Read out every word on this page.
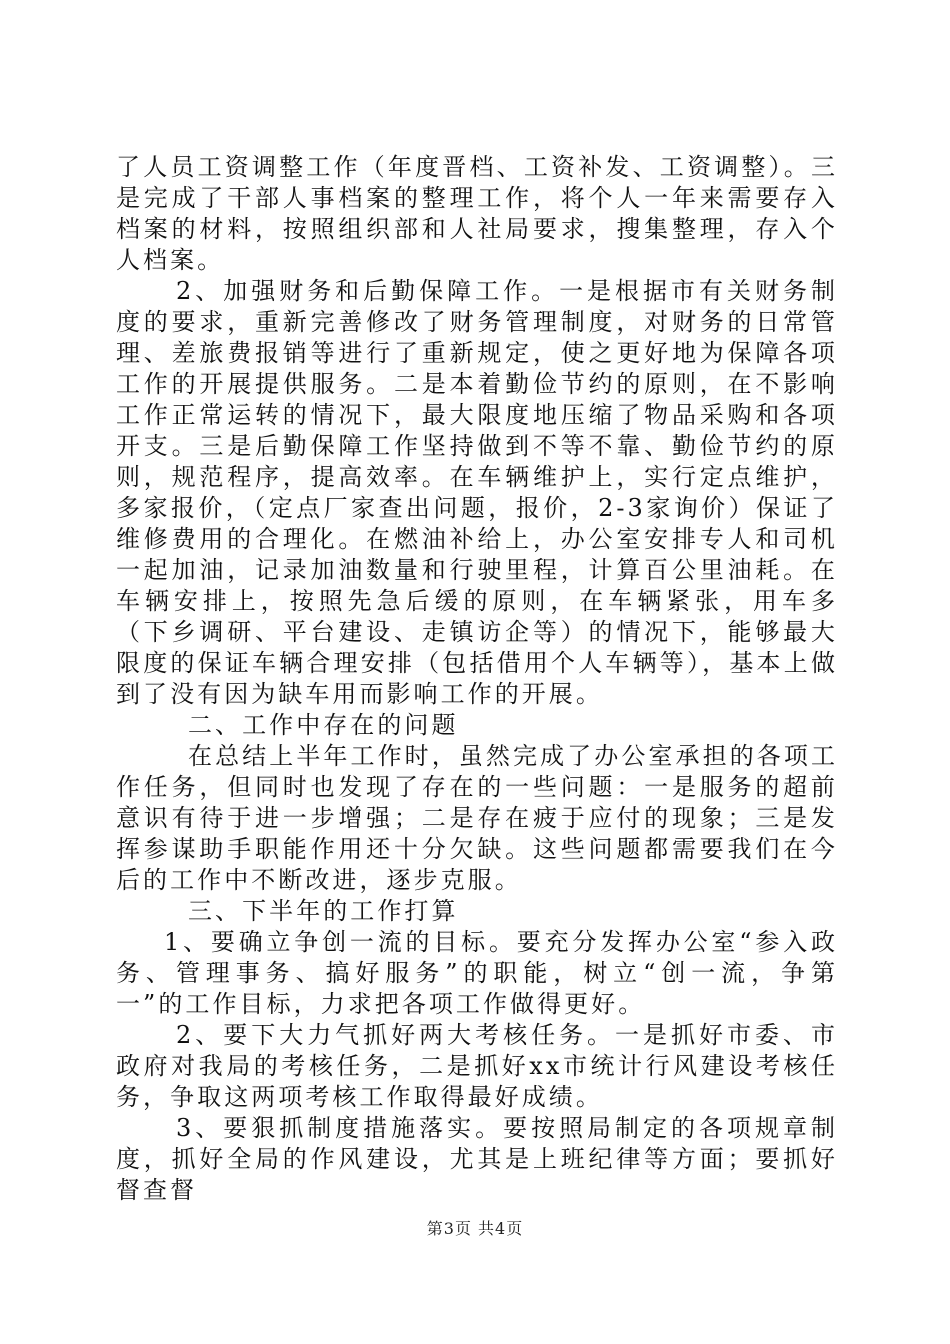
了人员工资调整工作（年度晋档、工资补发、工资调整）。三是完成了干部人事档案的整理工作，将个人一年来需要存入档案的材料，按照组织部和人社局要求，搜集整理，存入个人档案。

2、加强财务和后勤保障工作。一是根据市有关财务制度的要求，重新完善修改了财务管理制度，对财务的日常管理、差旅费报销等进行了重新规定，使之更好地为保障各项工作的开展提供服务。二是本着勤俭节约的原则，在不影响工作正常运转的情况下，最大限度地压缩了物品采购和各项开支。三是后勤保障工作坚持做到不等不靠、勤俭节约的原则，规范程序，提高效率。在车辆维护上，实行定点维护，多家报价，（定点厂家查出问题，报价，2-3家询价）保证了维修费用的合理化。在燃油补给上，办公室安排专人和司机一起加油，记录加油数量和行驶里程，计算百公里油耗。在车辆安排上，按照先急后缓的原则，在车辆紧张，用车多（下乡调研、平台建设、走镇访企等）的情况下，能够最大限度的保证车辆合理安排（包括借用个人车辆等），基本上做到了没有因为缺车用而影响工作的开展。

二、工作中存在的问题

在总结上半年工作时，虽然完成了办公室承担的各项工作任务，但同时也发现了存在的一些问题：一是服务的超前意识有待于进一步增强；二是存在疲于应付的现象；三是发挥参谋助手职能作用还十分欠缺。这些问题都需要我们在今后的工作中不断改进，逐步克服。

三、下半年的工作打算

1、要确立争创一流的目标。要充分发挥办公室“参入政务、管理事务、搞好服务”的职能，树立“创一流，争第一”的工作目标，力求把各项工作做得更好。

2、要下大力气抓好两大考核任务。一是抓好市委、市政府对我局的考核任务，二是抓好xx市统计行风建设考核任务，争取这两项考核工作取得最好成绩。

3、要狠抓制度措施落实。要按照局制定的各项规章制度，抓好全局的作风建设，尤其是上班纪律等方面；要抓好督查督

第3页 共4页
